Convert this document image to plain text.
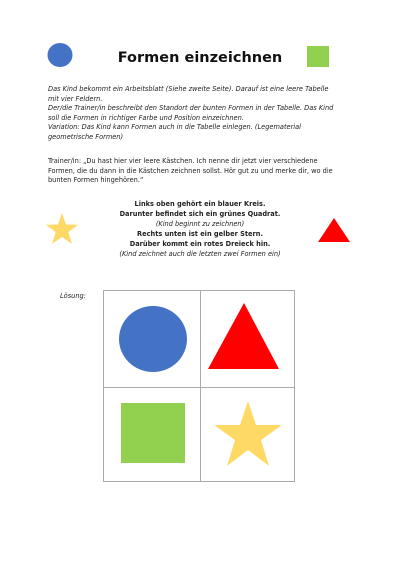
Formen einzeichnen
Das Kind bekommt ein Arbeitsblatt (Siehe zweite Seite). Darauf ist eine leere Tabelle
mit vier Feldern.
Der/die Trainer/in beschreibt den Standort der bunten Formen in der Tabelle. Das Kind
soll die Formen in richtiger Farbe und Position einzeichnen.
Variation: Das Kind kann Formen auch in die Tabelle einlegen. (Legematerial
geometrische Formen)
Trainer/in: „Du hast hier vier leere Kästchen. Ich nenne dir jetzt vier verschiedene
Formen, die du dann in die Kästchen zeichnen sollst. Hör gut zu und merke dir, wo die
bunten Formen hingehören.“
Links oben gehört ein blauer Kreis.
Darunter befindet sich ein grünes Quadrat.
(Kind beginnt zu zeichnen)
Rechts unten ist ein gelber Stern.
Darüber kommt ein rotes Dreieck hin.
(Kind zeichnet auch die letzten zwei Formen ein)
Lösung:
